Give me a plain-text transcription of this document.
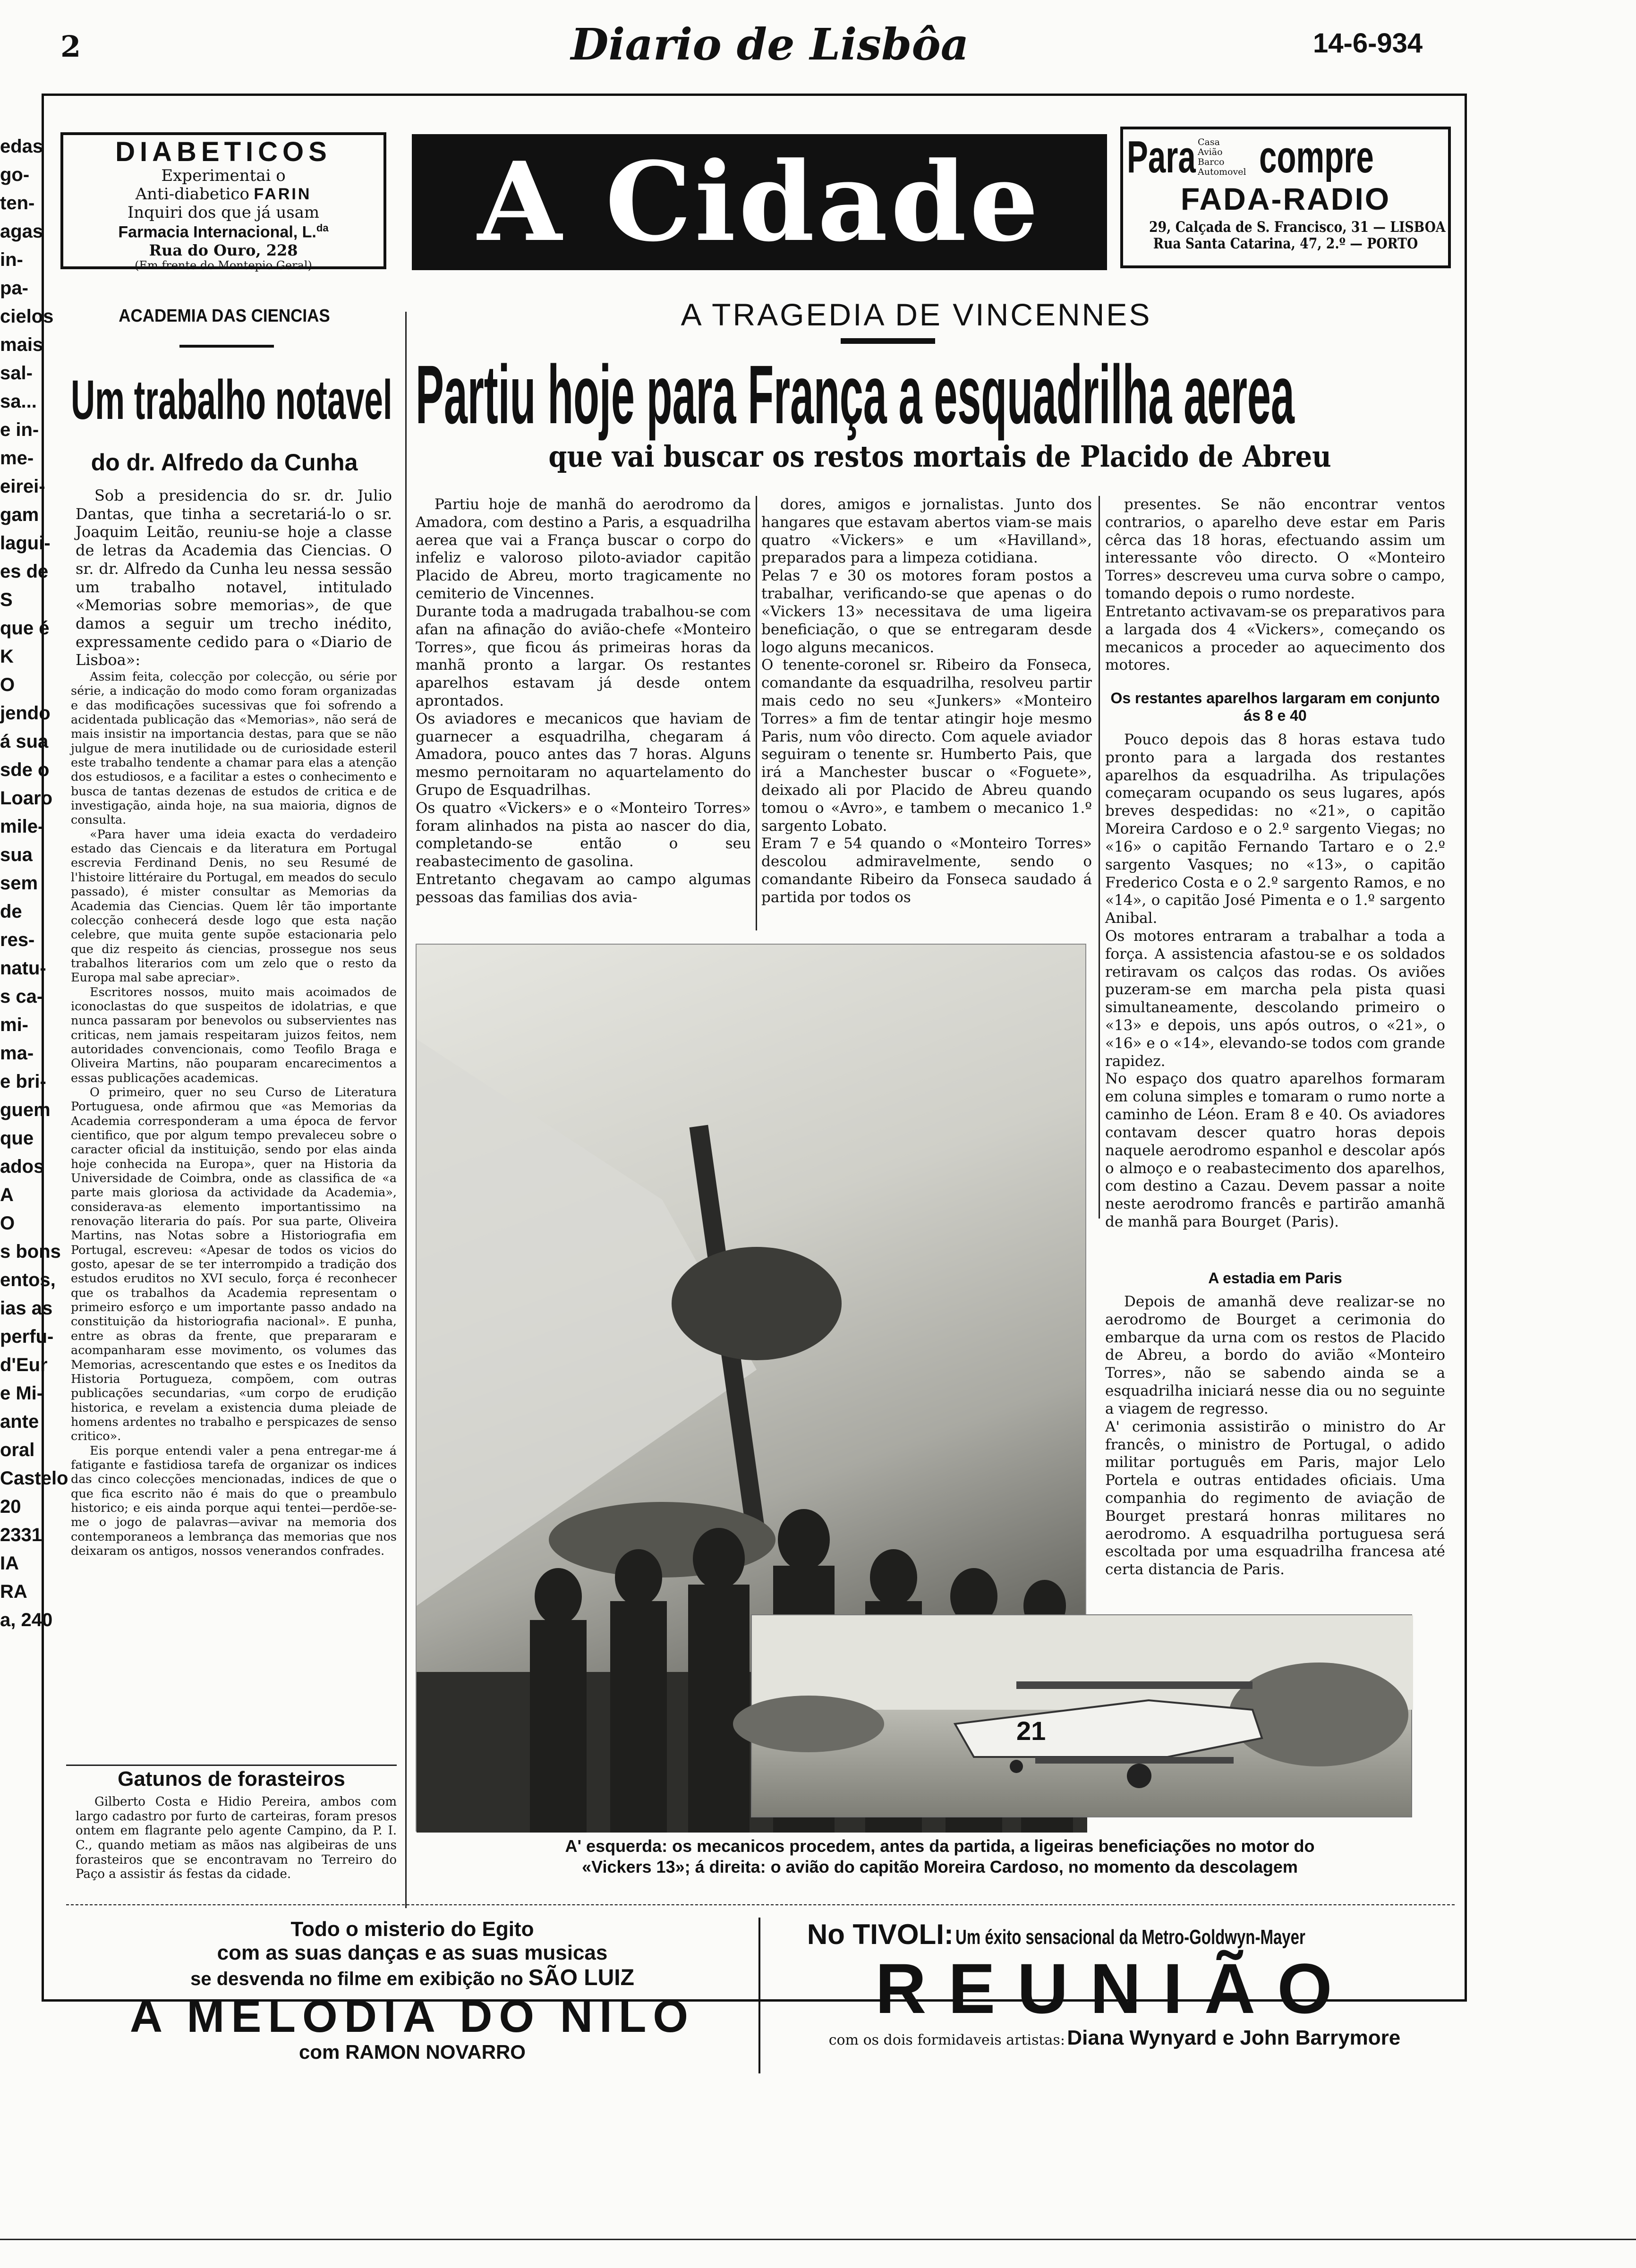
2	Diario de Lisbôa	14-6-934
edas
go-
ten-
agas
in-
pa-
cielos
mais
sal-
sa...
e in-
me-
eirei-
gam
lagui-
es de
S
que é
K
O
jendo
á sua
sde o
Loaro
mile-
sua
sem
de
res-
natu-
s ca-
mi-
ma-
e bri-
guem
que
ados
A
O
s bons
entos,
ias as
perfu-
d'Eur
e Mi-
ante
oral
Castelo
20
2331
IA
RA
a, 240
DIABETICOS
Experimentai o
Anti-diabetico FARIN
Inquiri dos que já usam
Farmacia Internacional, L.$^{da}$
Rua do Ouro, 228
(Em frente do Montepio Geral)	A Cidade Para Casa
Avião
Barco
Automovel compre
FADA-RADIO
29, Calçada de S. Francisco, 31 — LISBOA
Rua Santa Catarina, 47, 2.º — PORTO
ACADEMIA DAS CIENCIAS
Um trabalho notavel
do dr. Alfredo da Cunha
Sob a presidencia do sr. dr. Julio Dantas, que tinha a secretariá-lo o sr. Joaquim Leitão, reuniu-se hoje a classe de letras da Academia das Ciencias. O sr. dr. Alfredo da Cunha leu nessa sessão um trabalho notavel, intitulado «Memorias sobre memorias», de que damos a seguir um trecho inédito, expressamente cedido para o «Diario de Lisboa»:

Assim feita, colecção por colecção, ou série por série, a indicação do modo como foram organizadas e das modificações sucessivas que foi sofrendo a acidentada publicação das «Memorias», não será de mais insistir na importancia destas, para que se não julgue de mera inutilidade ou de curiosidade esteril este trabalho tendente a chamar para elas a atenção dos estudiosos, e a facilitar a estes o conhecimento e busca de tantas dezenas de estudos de critica e de investigação, ainda hoje, na sua maioria, dignos de consulta.

«Para haver uma ideia exacta do verdadeiro estado das Ciencais e da literatura em Portugal escrevia Ferdinand Denis, no seu Resumé de l'histoire littéraire du Portugal, em meados do seculo passado), é mister consultar as Memorias da Academia das Ciencias. Quem lêr tão importante colecção conhecerá desde logo que esta nação celebre, que muita gente supõe estacionaria pelo que diz respeito ás ciencias, prossegue nos seus trabalhos literarios com um zelo que o resto da Europa mal sabe apreciar».

Escritores nossos, muito mais acoimados de iconoclastas do que suspeitos de idolatrias, e que nunca passaram por benevolos ou subservientes nas criticas, nem jamais respeitaram juizos feitos, nem autoridades convencionais, como Teofilo Braga e Oliveira Martins, não pouparam encarecimentos a essas publicações academicas.

O primeiro, quer no seu Curso de Literatura Portuguesa, onde afirmou que «as Memorias da Academia corresponderam a uma época de fervor cientifico, que por algum tempo prevaleceu sobre o caracter oficial da instituição, sendo por elas ainda hoje conhecida na Europa», quer na Historia da Universidade de Coimbra, onde as classifica de «a parte mais gloriosa da actividade da Academia», considerava-as elemento importantissimo na renovação literaria do país. Por sua parte, Oliveira Martins, nas Notas sobre a Historiografia em Portugal, escreveu: «Apesar de todos os vicios do gosto, apesar de se ter interrompido a tradição dos estudos eruditos no XVI seculo, força é reconhecer que os trabalhos da Academia representam o primeiro esforço e um importante passo andado na constituição da historiografia nacional». E punha, entre as obras da frente, que prepararam e acompanharam esse movimento, os volumes das Memorias, acrescentando que estes e os Ineditos da Historia Portugueza, compõem, com outras publicações secundarias, «um corpo de erudição historica, e revelam a existencia duma pleiade de homens ardentes no trabalho e perspicazes de senso critico».

Eis porque entendi valer a pena entregar-me á fatigante e fastidiosa tarefa de organizar os indices das cinco colecções mencionadas, indices de que o que fica escrito não é mais do que o preambulo historico; e eis ainda porque aqui tentei—perdõe-se-me o jogo de palavras—avivar na memoria dos contemporaneos a lembrança das memorias que nos deixaram os antigos, nossos venerandos confrades.

Gatunos de forasteiros
Gilberto Costa e Hidio Pereira, ambos com largo cadastro por furto de carteiras, foram presos ontem em flagrante pelo agente Campino, da P. I. C., quando metiam as mãos nas algibeiras de uns forasteiros que se encontravam no Terreiro do Paço a assistir ás festas da cidade.
A TRAGEDIA DE VINCENNES
Partiu hoje para França a esquadrilha aerea
que vai buscar os restos mortais de Placido de Abreu
Partiu hoje de manhã do aerodromo da Amadora, com destino a Paris, a esquadrilha aerea que vai a França buscar o corpo do infeliz e valoroso piloto-aviador capitão Placido de Abreu, morto tragicamente no cemiterio de Vincennes.
Durante toda a madrugada trabalhou-se com afan na afinação do avião-chefe «Monteiro Torres», que ficou ás primeiras horas da manhã pronto a largar. Os restantes aparelhos estavam já desde ontem aprontados.
Os aviadores e mecanicos que haviam de guarnecer a esquadrilha, chegaram á Amadora, pouco antes das 7 horas. Alguns mesmo pernoitaram no aquartelamento do Grupo de Esquadrilhas.
Os quatro «Vickers» e o «Monteiro Torres» foram alinhados na pista ao nascer do dia, completando-se então o seu reabastecimento de gasolina.
Entretanto chegavam ao campo algumas pessoas das familias dos avia-
dores, amigos e jornalistas. Junto dos hangares que estavam abertos viam-se mais quatro «Vickers» e um «Havilland», preparados para a limpeza cotidiana.
Pelas 7 e 30 os motores foram postos a trabalhar, verificando-se que apenas o do «Vickers 13» necessitava de uma ligeira beneficiação, o que se entregaram desde logo alguns mecanicos.
O tenente-coronel sr. Ribeiro da Fonseca, comandante da esquadrilha, resolveu partir mais cedo no seu «Junkers» «Monteiro Torres» a fim de tentar atingir hoje mesmo Paris, num vôo directo. Com aquele aviador seguiram o tenente sr. Humberto Pais, que irá a Manchester buscar o «Foguete», deixado ali por Placido de Abreu quando tomou o «Avro», e tambem o mecanico 1.º sargento Lobato.
Eram 7 e 54 quando o «Monteiro Torres» descolou admiravelmente, sendo o comandante Ribeiro da Fonseca saudado á partida por todos os
presentes. Se não encontrar ventos contrarios, o aparelho deve estar em Paris cêrca das 18 horas, efectuando assim um interessante vôo directo. O «Monteiro Torres» descreveu uma curva sobre o campo, tomando depois o rumo nordeste.
Entretanto activavam-se os preparativos para a largada dos 4 «Vickers», começando os mecanicos a proceder ao aquecimento dos motores.
Os restantes aparelhos largaram em conjunto ás 8 e 40
Pouco depois das 8 horas estava tudo pronto para a largada dos restantes aparelhos da esquadrilha. As tripulações começaram ocupando os seus lugares, após breves despedidas: no «21», o capitão Moreira Cardoso e o 2.º sargento Viegas; no «16» o capitão Fernando Tartaro e o 2.º sargento Vasques; no «13», o capitão Frederico Costa e o 2.º sargento Ramos, e no «14», o capitão José Pimenta e o 1.º sargento Anibal.
Os motores entraram a trabalhar a toda a força. A assistencia afastou-se e os soldados retiravam os calços das rodas. Os aviões puzeram-se em marcha pela pista quasi simultaneamente, descolando primeiro o «13» e depois, uns após outros, o «21», o «16» e o «14», elevando-se todos com grande rapidez.
No espaço dos quatro aparelhos formaram em coluna simples e tomaram o rumo norte a caminho de Léon. Eram 8 e 40. Os aviadores contavam descer quatro horas depois naquele aerodromo espanhol e descolar após o almoço e o reabastecimento dos aparelhos, com destino a Cazau. Devem passar a noite neste aerodromo francês e partirão amanhã de manhã para Bourget (Paris).
A estadia em Paris
Depois de amanhã deve realizar-se no aerodromo de Bourget a cerimonia do embarque da urna com os restos de Placido de Abreu, a bordo do avião «Monteiro Torres», não se sabendo ainda se a esquadrilha iniciará nesse dia ou no seguinte a viagem de regresso.
A' cerimonia assistirão o ministro do Ar francês, o ministro de Portugal, o adido militar português em Paris, major Lelo Portela e outras entidades oficiais. Uma companhia do regimento de aviação de Bourget prestará honras militares no aerodromo. A esquadrilha portuguesa será escoltada por uma esquadrilha francesa até certa distancia de Paris.
21
A' esquerda: os mecanicos procedem, antes da partida, a ligeiras beneficiações no motor do
«Vickers 13»; á direita: o avião do capitão Moreira Cardoso, no momento da descolagem
Todo o misterio do Egito
com as suas danças e as suas musicas
se desvenda no filme em exibição no SÃO LUIZ
A MELODIA DO NILO
com RAMON NOVARRO
No TIVOLI: Um éxito sensacional da Metro-Goldwyn-Mayer
REUNIÃO
com os dois formidaveis artistas: Diana Wynyard e John Barrymore
